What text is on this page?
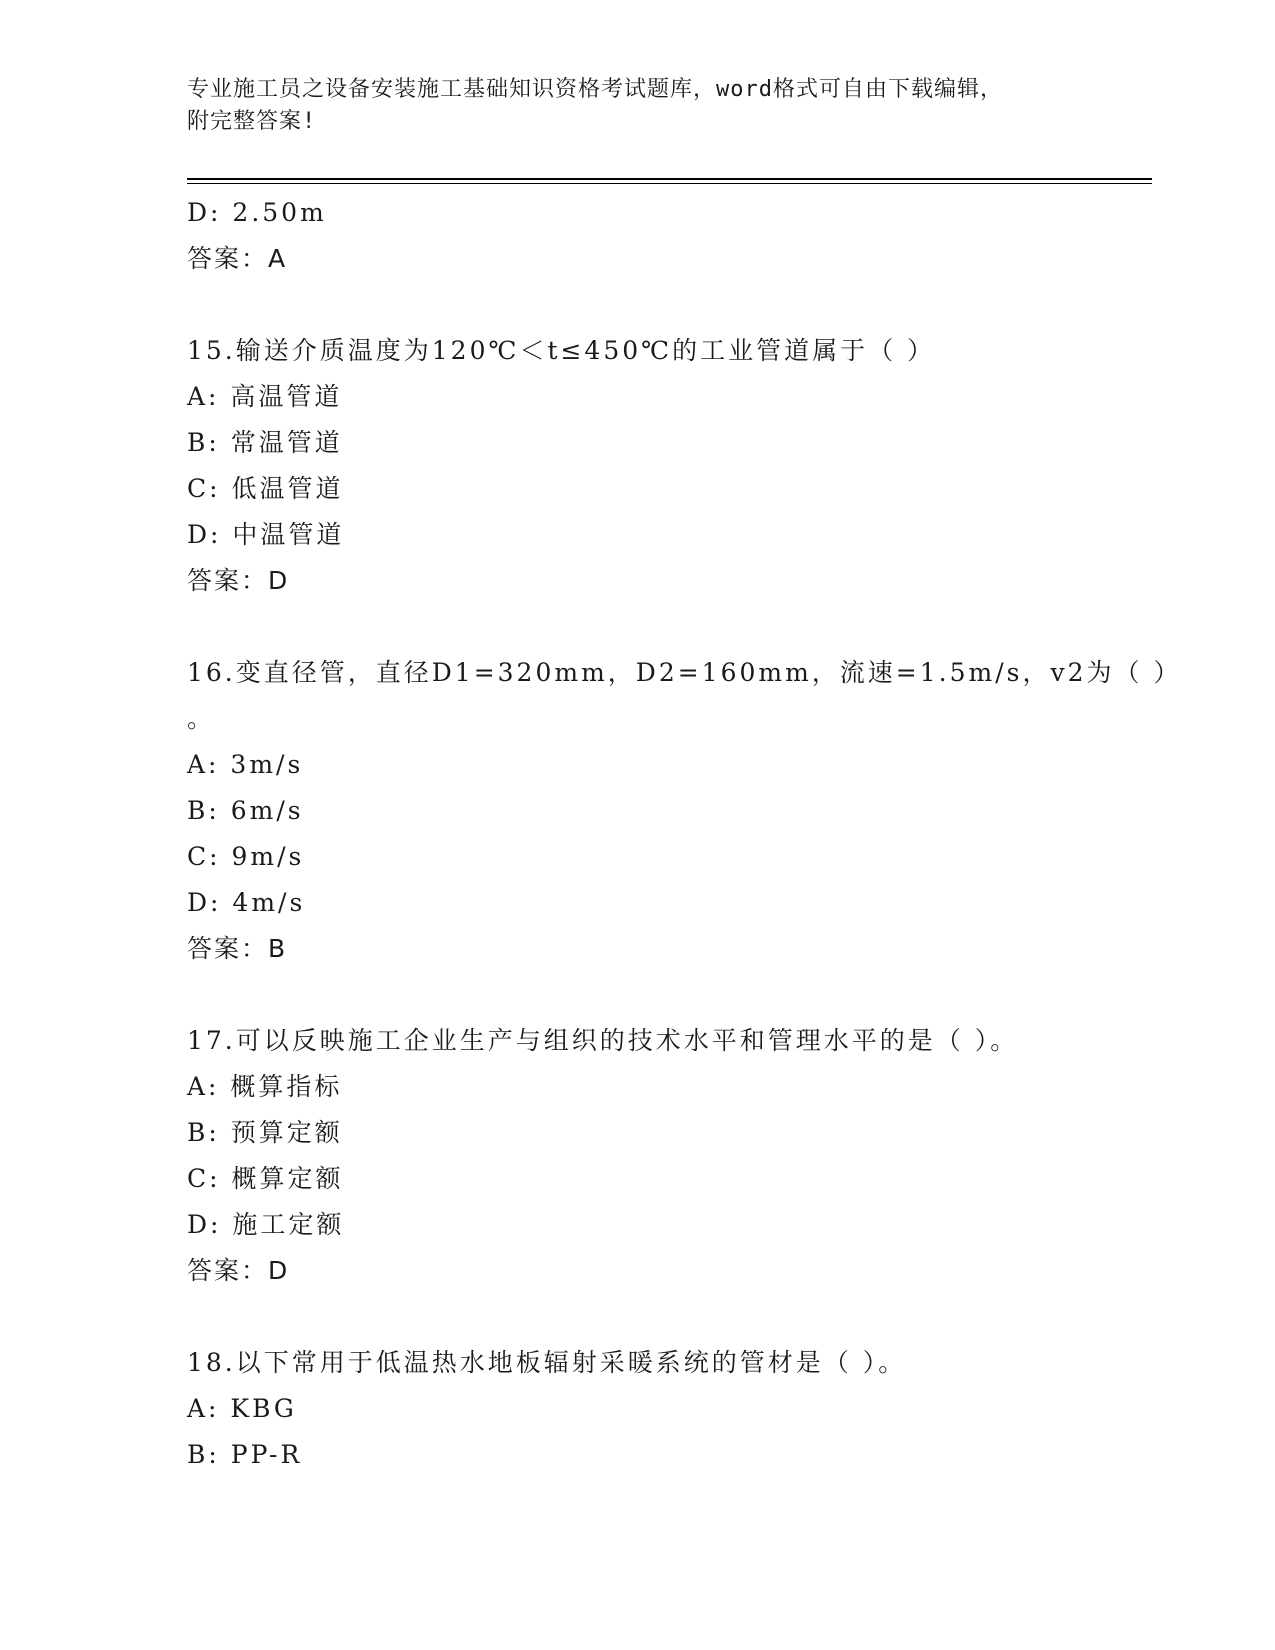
专业施工员之设备安装施工基础知识资格考试题库，word格式可自由下载编辑，
附完整答案!
D: 2.50m
答案：A
15.输送介质温度为120℃＜t≤450℃的工业管道属于（ ）
A: 高温管道
B: 常温管道
C: 低温管道
D: 中温管道
答案：D
16.变直径管，直径D1=320mm，D2=160mm，流速=1.5m/s，v2为（ ）
。
A: 3m/s
B: 6m/s
C: 9m/s
D: 4m/s
答案：B
17.可以反映施工企业生产与组织的技术水平和管理水平的是（ ）。
A: 概算指标
B: 预算定额
C: 概算定额
D: 施工定额
答案：D
18.以下常用于低温热水地板辐射采暖系统的管材是（ ）。
A: KBG
B: PP-R
